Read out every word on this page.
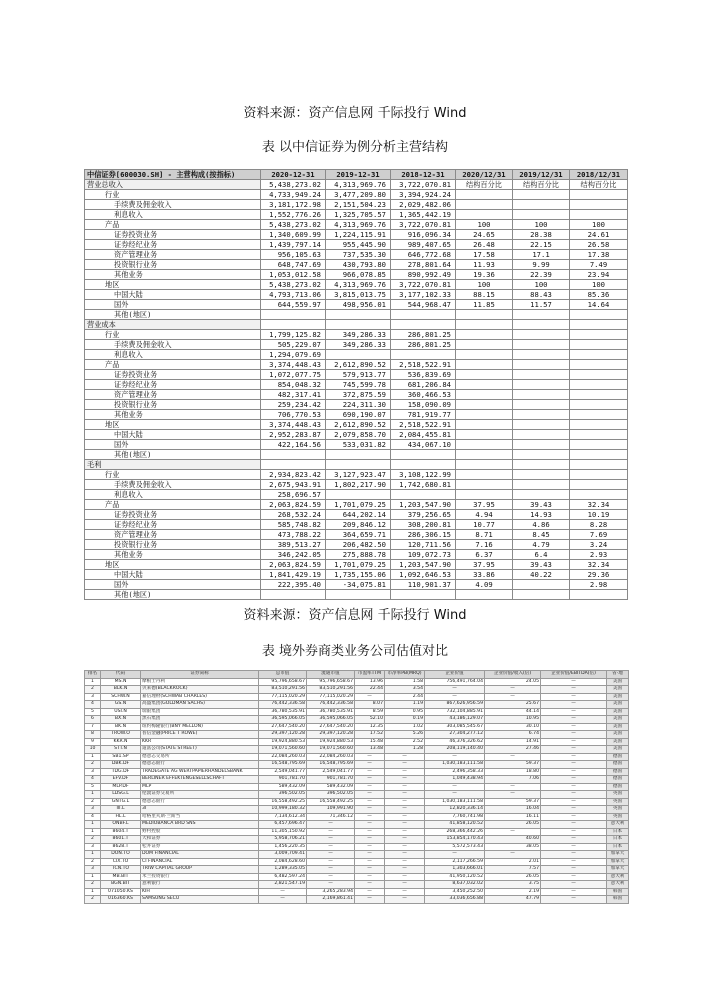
资料来源：资产信息网 千际投行 Wind
表 以中信证券为例分析主营结构
中信证券[600030.SH] - 主营构成(按指标)	2020-12-31	2019-12-31	2018-12-31	2020/12/31	2019/12/31	2018/12/31
营业总收入	5,438,273.02	4,313,969.76	3,722,070.81	结构百分比	结构百分比	结构百分比
行业	4,733,949.24	3,477,209.80	3,394,924.24			
手续费及佣金收入	3,181,172.98	2,151,504.23	2,029,482.06			
利息收入	1,552,776.26	1,325,705.57	1,365,442.19			
产品	5,438,273.02	4,313,969.76	3,722,070.81	100	100	100
证券投资业务	1,340,609.99	1,224,115.91	916,096.34	24.65	28.38	24.61
证券经纪业务	1,439,797.14	955,445.90	989,407.65	26.48	22.15	26.58
资产管理业务	956,105.63	737,535.30	646,772.68	17.58	17.1	17.38
投资银行业务	648,747.69	430,793.80	278,801.64	11.93	9.99	7.49
其他业务	1,053,012.58	966,078.85	890,992.49	19.36	22.39	23.94
地区	5,438,273.02	4,313,969.76	3,722,070.81	100	100	100
中国大陆	4,793,713.06	3,815,013.75	3,177,102.33	88.15	88.43	85.36
国外	644,559.97	498,956.01	544,968.47	11.85	11.57	14.64
其他(地区)						
营业成本						
行业	1,799,125.82	349,286.33	286,801.25			
手续费及佣金收入	505,229.07	349,286.33	286,801.25			
利息收入	1,294,079.69					
产品	3,374,448.43	2,612,890.52	2,518,522.91			
证券投资业务	1,072,077.75	579,913.77	536,839.69			
证券经纪业务	854,048.32	745,599.78	681,206.84			
资产管理业务	482,317.41	372,875.59	360,466.53			
投资银行业务	259,234.42	224,311.30	158,090.09			
其他业务	706,770.53	690,190.07	781,919.77			
地区	3,374,448.43	2,612,890.52	2,518,522.91			
中国大陆	2,952,283.87	2,079,858.70	2,084,455.81			
国外	422,164.56	533,031.82	434,067.10			
其他(地区)						
毛利						
行业	2,934,823.42	3,127,923.47	3,108,122.99			
手续费及佣金收入	2,675,943.91	1,802,217.90	1,742,680.81			
利息收入	258,696.57					
产品	2,063,824.59	1,701,079.25	1,203,547.90	37.95	39.43	32.34
证券投资业务	268,532.24	644,202.14	379,256.65	4.94	14.93	10.19
证券经纪业务	585,748.82	209,846.12	308,200.81	10.77	4.86	8.28
资产管理业务	473,788.22	364,659.71	286,306.15	8.71	8.45	7.69
投资银行业务	389,513.27	206,482.50	120,711.56	7.16	4.79	3.24
其他业务	346,242.05	275,888.78	109,072.73	6.37	6.4	2.93
地区	2,063,824.59	1,701,079.25	1,203,547.90	37.95	39.43	32.34
中国大陆	1,841,429.19	1,735,155.06	1,092,646.53	33.86	40.22	29.36
国外	222,395.40	-34,075.81	110,901.37	4.09		2.98
其他(地区)						
资料来源：资产信息网 千际投行 Wind
表 境外券商类业务公司估值对比
排名	代码	证券简称	总市值	流通市值	市盈率TTM	市净率PB(MRQ)	企业价值	企业价值/收入(倍)	企业价值/EBITDA(倍)	省·地
1	MS.N	摩根士丹利	95,796,658.67	95,796,658.67	13.96	1.58	756,491,764.04	24.05	—	美国
2	BLK.N	贝莱德(BLACKROCK)	83,510,291.56	83,510,291.56	22.44	3.54	—	—	—	美国
3	SCHW.N	嘉信理财(SCHWAB CHARLES)	77,115,020.29	77,115,020.29	—	2.44	—	—	—	美国
4	GS.N	高盛集团(GOLDMAN SACHS)	76,442,336.58	76,442,336.58	8.07	1.19	867,626,956.59	25.67	—	美国
5	USI.N	瑞银集团	36,780,535.91	36,780,535.91	8.59	0.95	732,104,885.91	44.14	—	美国
6	BX.N	黑石集团	36,595,066.05	36,595,066.05	52.10	0.19	43,186,129.07	10.95	—	美国
7	BK.N	纽约梅隆银行(BNY MELLON)	27,647,540.20	27,647,540.20	12.35	1.02	303,085,545.67	30.10	—	美国
8	TROW.O	普信金融(PRICE T ROWE)	29,397,120.28	29,397,120.28	17.52	5.26	27,304,277.12	6.74	—	美国
9	KKR.N	KKR	19,924,880.53	19,924,880.53	15.48	2.52	46,376,326.62	14.91	—	美国
10	STT.N	道富公司(STATE STREET)	19,071,560.60	19,071,560.60	13.48	1.28	208,119,140.40	27.46	—	美国
1	SB1.SP	德意志交易所	22,084,260.03	22,084,260.03	—	—	—	—	—	德国
2	DBK.DF	德意志银行	16,548,795.69	16,548,795.69	—	—	1,030,183,111.58	59.37	—	德国
3	TDG.DF	TRADEGATE AG WERTPAPIERHANDELSBANK	2,549,041.77	2,549,041.77	—	—	2,496,358.33	18.80	—	德国
4	EFV.DF	BERLINER EFFEKTENGESELLSCHAFT	901,781.70	901,781.70	—	—	1,049,438.94	7.06	—	德国
5	MLP.DF	MLP	589,432.09	589,432.09	—	—	—	—	—	德国
1	LDSG.L	伦敦证券交易所	396,502.05	396,502.05	—	—	—	—	—	英国
2	GNTG.L	德意志银行	16,558,492.25	16,558,492.25	—	—	1,030,183,111.58	59.37	—	英国
3	III.L	3I	10,999,180.32	109,991.90	—	—	12,820,336.14	16.04	—	英国
4	HL.L	哈格里夫斯·兰斯当	7,134,612.34	71,346.12	—	—	7,760,741.98	16.11	—	英国
1	ONBF.L	MEDIOBANCA BRD SNS	6,457,696.47	—	—	—	41,858,120.52	26.05	—	意大利
1	8604.T	野村控股	11,305,150.92	—	—	—	268,366,442.26	—	—	日本
2	8601.T	大和证券	5,958,706.21	—	—	—	153,854,170.43	40.60	—	日本
3	8628.T	松井证券	1,456,220.35	—	—	—	5,572,573.43	38.05	—	日本
1	DON.TO	DOM FINANCIAL	3,009,709.41	—	—	—	—	—	—	加拿大
2	CIX.TO	CI FINANCIAL	2,084,628.60	—	—	—	2,117,266.59	2.01	—	加拿大
3	TCN.TO	TRIW CAPITAL GROUP	1,289,335.05	—	—	—	1,303,666.01	7.57	—	加拿大
1	MB.BIT	米兰投资银行	6,482,597.24	—	—	—	41,950,120.52	26.05	—	意大利
2	BGN.BIT	意利银行	2,821,547.19	—	—	—	8,637,032.02	3.75	—	意大利
1	071050.KS	KIH	—	3,265,283.94	—	—	3,450,252.50	2.19	—	韩国
2	016360.KS	SAMSUNG SECU	—	2,169,861.41	—	—	33,036,656.88	47.79	—	韩国
